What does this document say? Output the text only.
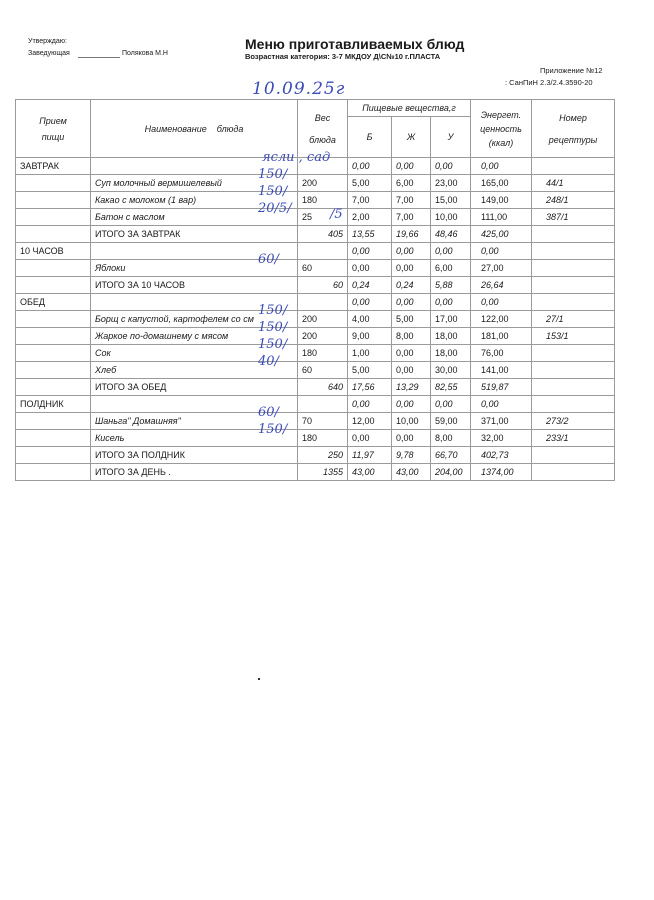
Утверждаю:
Заведующая	Полякова М.Н
Меню приготавливаемых блюд
Возрастная категория: 3-7 МКДОУ Д\С№10 г.ПЛАСТА
Приложение №12
: СанПиН 2.3/2.4.3590-20
10.09.25г
Прием
пищи	Наименование    блюда	Вес
блюда	Пищевые вещества,г			Энергет.
ценность
(ккал)	Номер
рецептуры
			Б	Ж	У		
ЗАВТРАК			0,00	0,00	0,00	0,00	
	Суп молочный вермишелевый	200	5,00	6,00	23,00	165,00	44/1
	Какао с молоком (1 вар)	180	7,00	7,00	15,00	149,00	248/1
	Батон с маслом	25	2,00	7,00	10,00	111,00	387/1
	ИТОГО ЗА ЗАВТРАК	405	13,55	19,66	48,46	425,00	
10 ЧАСОВ			0,00	0,00	0,00	0,00	
	Яблоки	60	0,00	0,00	6,00	27,00	
	ИТОГО ЗА 10 ЧАСОВ	60	0,24	0,24	5,88	26,64	
ОБЕД			0,00	0,00	0,00	0,00	
	Борщ с капустой, картофелем со см	200	4,00	5,00	17,00	122,00	27/1
	Жаркое по-домашнему с мясом	200	9,00	8,00	18,00	181,00	153/1
	Сок	180	1,00	0,00	18,00	76,00	
	Хлеб	60	5,00	0,00	30,00	141,00	
	ИТОГО ЗА ОБЕД	640	17,56	13,29	82,55	519,87	
ПОЛДНИК			0,00	0,00	0,00	0,00	
	Шаньга" Домашняя"	70	12,00	10,00	59,00	371,00	273/2
	Кисель	180	0,00	0,00	8,00	32,00	233/1
	ИТОГО ЗА ПОЛДНИК	250	11,97	9,78	66,70	402,73	
	ИТОГО ЗА ДЕНЬ .	1355	43,00	43,00	204,00	1374,00	
ясли , сад
150/
150/
20/5/	/5
60/
150/
150/
150/
40/
60/
150/
